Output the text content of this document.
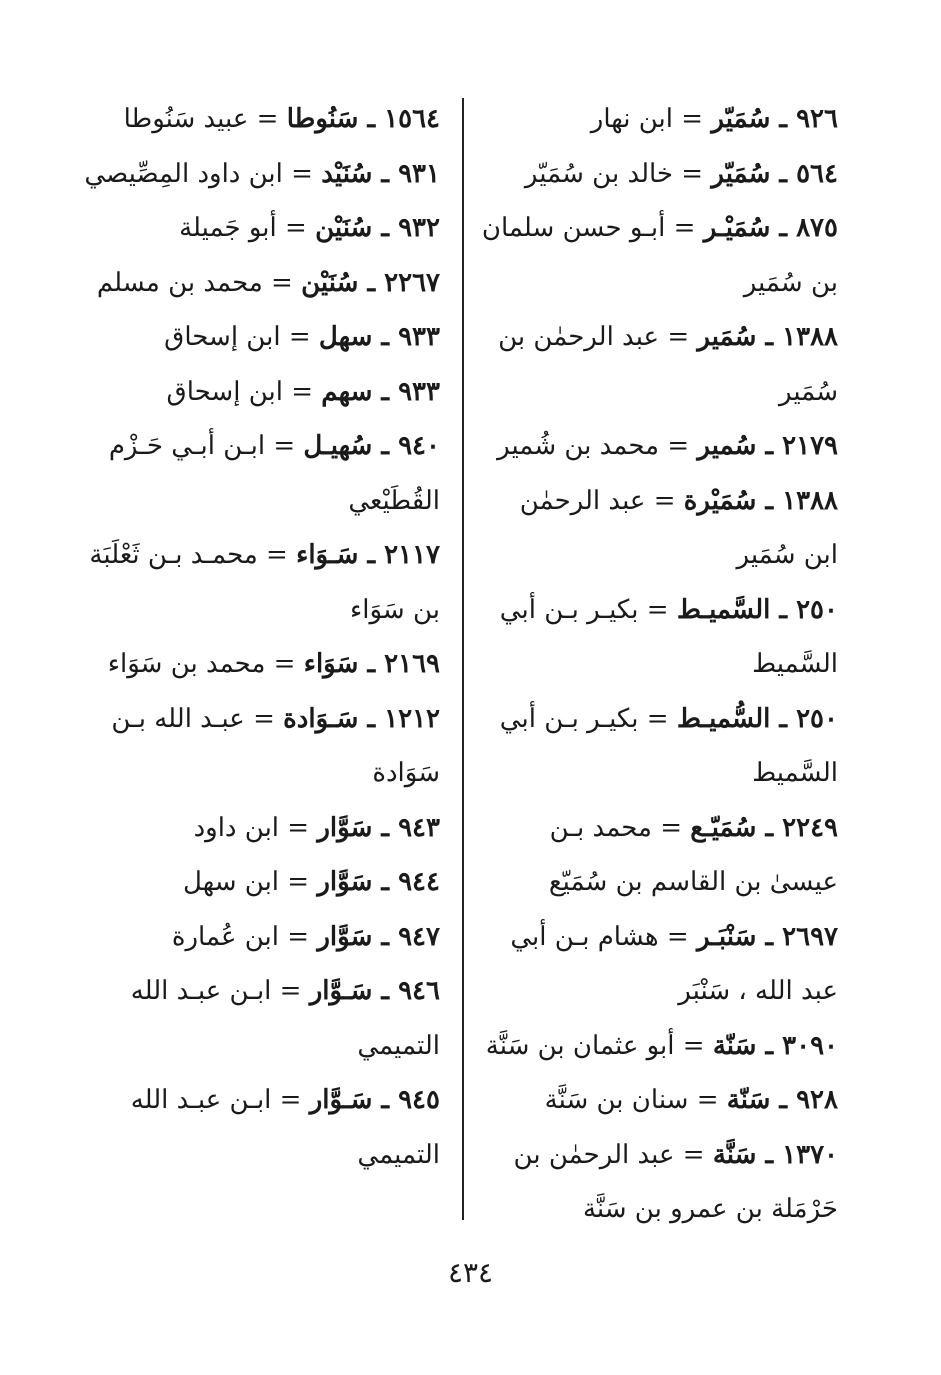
٩٢٦ ـ سُمَيّر = ابن نهار

٥٦٤ ـ سُمَيّر = خالد بن سُمَيّر

٨٧٥ ـ سُمَيْـر = أبـو حسن سلمان بن سُمَير

١٣٨٨ ـ سُمَير = عبد الرحمٰن بن سُمَير

٢١٧٩ ـ سُمير = محمد بن شُمير

١٣٨٨ ـ سُمَيْرة = عبد الرحمٰن ابن سُمَير

٢٥٠ ـ السَّميـط = بكيـر بـن أبي السَّميط

٢٥٠ ـ السُّميـط = بكيـر بـن أبي السَّميط

٢٢٤٩ ـ سُمَيّـع = محمد بـن عيسىٰ بن القاسم بن سُمَيّع

٢٦٩٧ ـ سَنْبَـر = هشام بـن أبي عبد الله ، سَنْبَر

٣٠٩٠ ـ سَنّة = أبو عثمان بن سَنَّة

٩٢٨ ـ سَنّة = سنان بن سَنَّة

١٣٧٠ ـ سَنَّة = عبد الرحمٰن بن حَرْمَلة بن عمرو بن سَنَّة

١٥٦٤ ـ سَنُوطا = عبيد سَنُوطا

٩٣١ ـ سُنَيْد = ابن داود المِصِّيصي

٩٣٢ ـ سُنَيْن = أبو جَميلة

٢٢٦٧ ـ سُنَيْن = محمد بن مسلم

٩٣٣ ـ سهل = ابن إسحاق

٩٣٣ ـ سهم = ابن إسحاق

٩٤٠ ـ سُهيـل = ابـن أبـي حَـزْم القُطَيْعي

٢١١٧ ـ سَـوَاء = محمـد بـن ثَعْلَبَة بن سَوَاء

٢١٦٩ ـ سَوَاء = محمد بن سَوَاء

١٢١٢ ـ سَـوَادة = عبـد الله بـن سَوَادة

٩٤٣ ـ سَوَّار = ابن داود

٩٤٤ ـ سَوَّار = ابن سهل

٩٤٧ ـ سَوَّار = ابن عُمارة

٩٤٦ ـ سَـوَّار = ابـن عبـد الله التميمي

٩٤٥ ـ سَـوَّار = ابـن عبـد الله التميمي

٤٣٤
